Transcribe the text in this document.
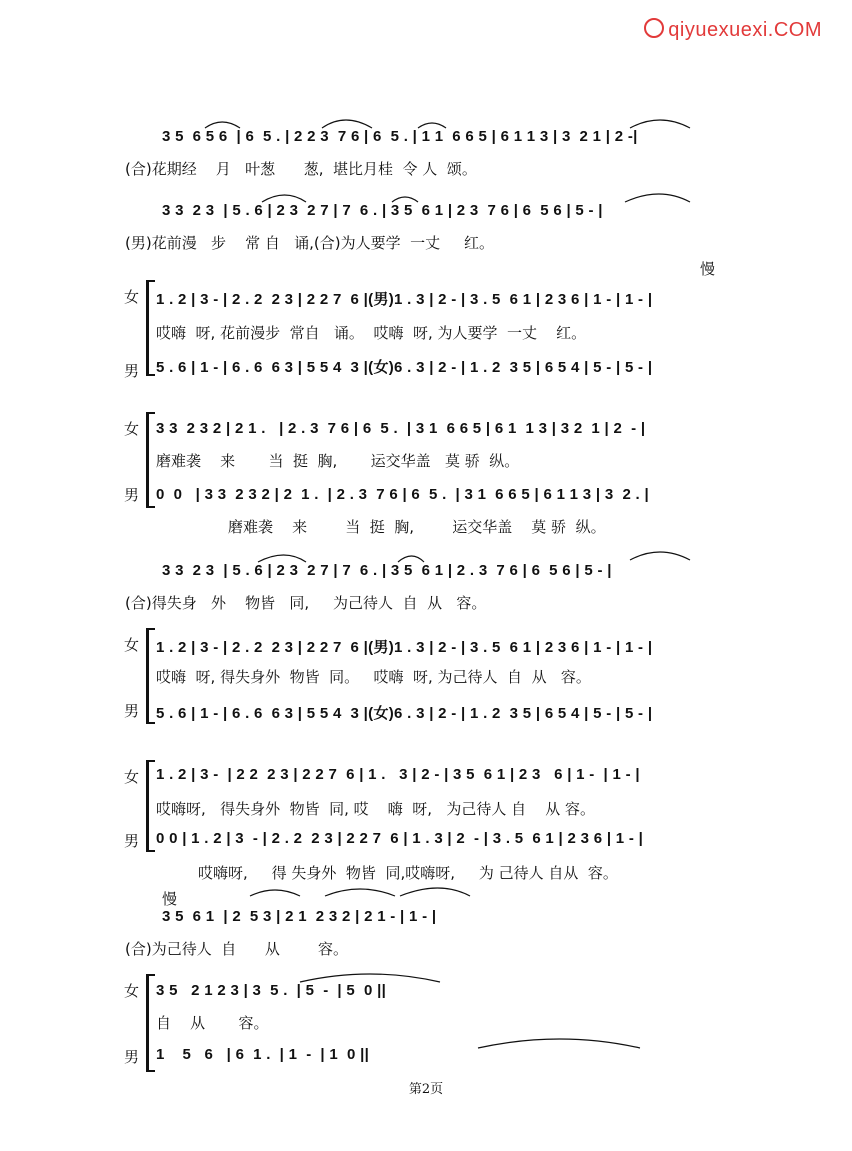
qiyuexuexi.COM
3 5  6 5 6  | 6  5 . | 2 2 3  7 6 | 6  5 . | 1 1  6 6 5 | 6 1 1 3 | 3  2 1 | 2 -|
(合)花期经    月   叶葱      葱,  堪比月桂  令 人  颂。
3 3  2 3  | 5 . 6 | 2 3  2 7 | 7  6 . | 3 5  6 1 | 2 3  7 6 | 6  5 6 | 5 - |
(男)花前漫   步    常 自   诵,(合)为人要学  一丈     红。
慢
女
男
1 . 2 | 3 - | 2 . 2  2 3 | 2 2 7  6 |(男)1 . 3 | 2 - | 3 . 5  6 1 | 2 3 6 | 1 - | 1 - |
哎嗨  呀, 花前漫步  常自   诵。  哎嗨  呀, 为人要学  一丈    红。
5 . 6 | 1 - | 6 . 6  6 3 | 5 5 4  3 |(女)6 . 3 | 2 - | 1 . 2  3 5 | 6 5 4 | 5 - | 5 - |
女
男
3 3  2 3 2 | 2 1 .   | 2 . 3  7 6 | 6  5 .  | 3 1  6 6 5 | 6 1  1 3 | 3 2  1 | 2  - |
磨难袭    来       当  挺  胸,       运交华盖   莫 骄  纵。
0  0   | 3 3  2 3 2 | 2  1 .  | 2 . 3  7 6 | 6  5 .  | 3 1  6 6 5 | 6 1 1 3 | 3  2 . |
磨难袭    来        当  挺  胸,        运交华盖    莫 骄  纵。
3 3  2 3  | 5 . 6 | 2 3  2 7 | 7  6 . | 3 5  6 1 | 2 . 3  7 6 | 6  5 6 | 5 - |
(合)得失身   外    物皆   同,     为己待人  自  从   容。
女
男
1 . 2 | 3 - | 2 . 2  2 3 | 2 2 7  6 |(男)1 . 3 | 2 - | 3 . 5  6 1 | 2 3 6 | 1 - | 1 - |
哎嗨  呀, 得失身外  物皆  同。   哎嗨  呀, 为己待人  自  从   容。
5 . 6 | 1 - | 6 . 6  6 3 | 5 5 4  3 |(女)6 . 3 | 2 - | 1 . 2  3 5 | 6 5 4 | 5 - | 5 - |
女
男
1 . 2 | 3 -  | 2 2  2 3 | 2 2 7  6 | 1 .   3 | 2 - | 3 5  6 1 | 2 3   6 | 1 -  | 1 - |
哎嗨呀,   得失身外  物皆  同, 哎    嗨  呀,   为己待人 自    从 容。
0 0 | 1 . 2 | 3  - | 2 . 2  2 3 | 2 2 7  6 | 1 . 3 | 2  - | 3 . 5  6 1 | 2 3 6 | 1 - |
哎嗨呀,     得 失身外  物皆  同,哎嗨呀,     为 己待人 自从  容。
慢
3 5  6 1  | 2  5 3 | 2 1  2 3 2 | 2 1 - | 1 - |
(合)为己待人  自      从        容。
女
男
3 5   2 1 2 3 | 3  5 .  | 5  -  | 5  0 ||
自    从       容。
1    5   6   | 6  1 .  | 1  -  | 1  0 ||
第2页
